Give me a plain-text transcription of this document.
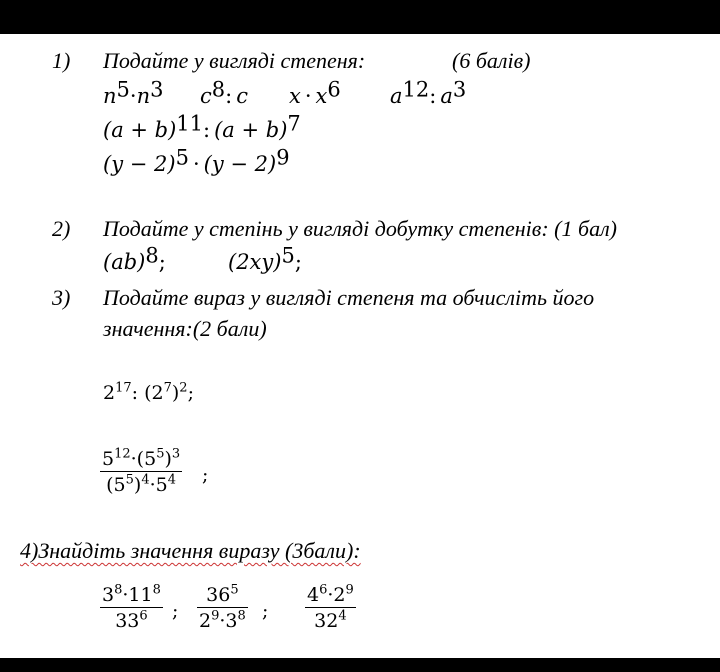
1) Подайте у вигляді степеня:	(6 балів)
$n^5\cdot n^3$ $c^8$: c $x \cdot x^6$ $a^{12}$: $a^3$
$(a + b)^{11}$: $(a + b)^7$
$(y - 2)^5 \cdot (y - 2)^9$
2) Подайте у степінь у вигляді добутку степенів: (1 бал)
(ab)$^8$;	$(2xy)^5$;
3) Подайте вираз у вигляді степеня та обчисліть його
значення:(2 бали)
$2^{17}$: $(2^7)^2$;
$5^{12}\cdot(5^5)^3$
$(5^5)^4\cdot 5^4$	;
4)Знайдіть значення виразу (3бали):
$3^8\cdot 11^8$
$33^6$	;
$36^5$
$2^9\cdot 3^8$ ;
$4^6\cdot 2^9$
$32^4$
